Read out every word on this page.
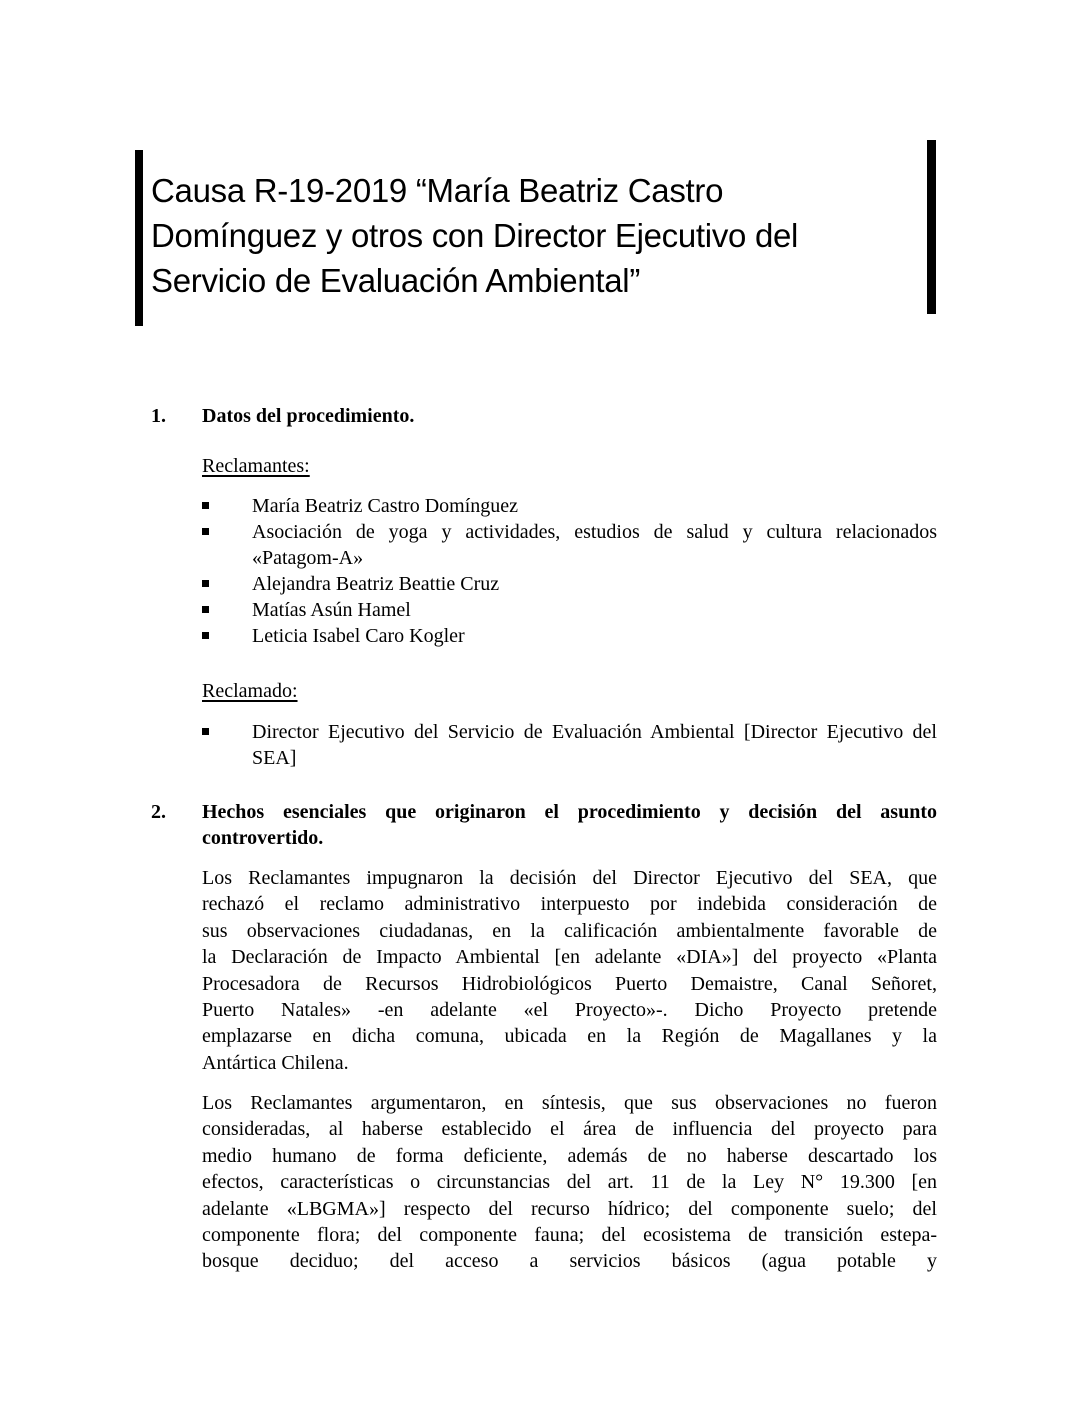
Causa R-19-2019 “María Beatriz Castro
Domínguez y otros con Director Ejecutivo del
Servicio de Evaluación Ambiental”
1. Datos del procedimiento.
Reclamantes:
María Beatriz Castro Domínguez
Asociación de yoga y actividades, estudios de salud y cultura relacionados «Patagom-A»
Alejandra Beatriz Beattie Cruz
Matías Asún Hamel
Leticia Isabel Caro Kogler
Reclamado:
Director Ejecutivo del Servicio de Evaluación Ambiental [Director Ejecutivo del SEA]
2. Hechos esenciales que originaron el procedimiento y decisión del asunto controvertido.

Los Reclamantes impugnaron la decisión del Director Ejecutivo del SEA, que
rechazó el reclamo administrativo interpuesto por indebida consideración de
sus observaciones ciudadanas, en la calificación ambientalmente favorable de
la Declaración de Impacto Ambiental [en adelante «DIA»] del proyecto «Planta
Procesadora de Recursos Hidrobiológicos Puerto Demaistre, Canal Señoret,
Puerto Natales» -en adelante «el Proyecto»-. Dicho Proyecto pretende
emplazarse en dicha comuna, ubicada en la Región de Magallanes y la
Antártica Chilena.

Los Reclamantes argumentaron, en síntesis, que sus observaciones no fueron
consideradas, al haberse establecido el área de influencia del proyecto para
medio humano de forma deficiente, además de no haberse descartado los
efectos, características o circunstancias del art. 11 de la Ley N° 19.300 [en
adelante «LBGMA»] respecto del recurso hídrico; del componente suelo; del
componente flora; del componente fauna; del ecosistema de transición estepa-
bosque deciduo; del acceso a servicios básicos (agua potable y
